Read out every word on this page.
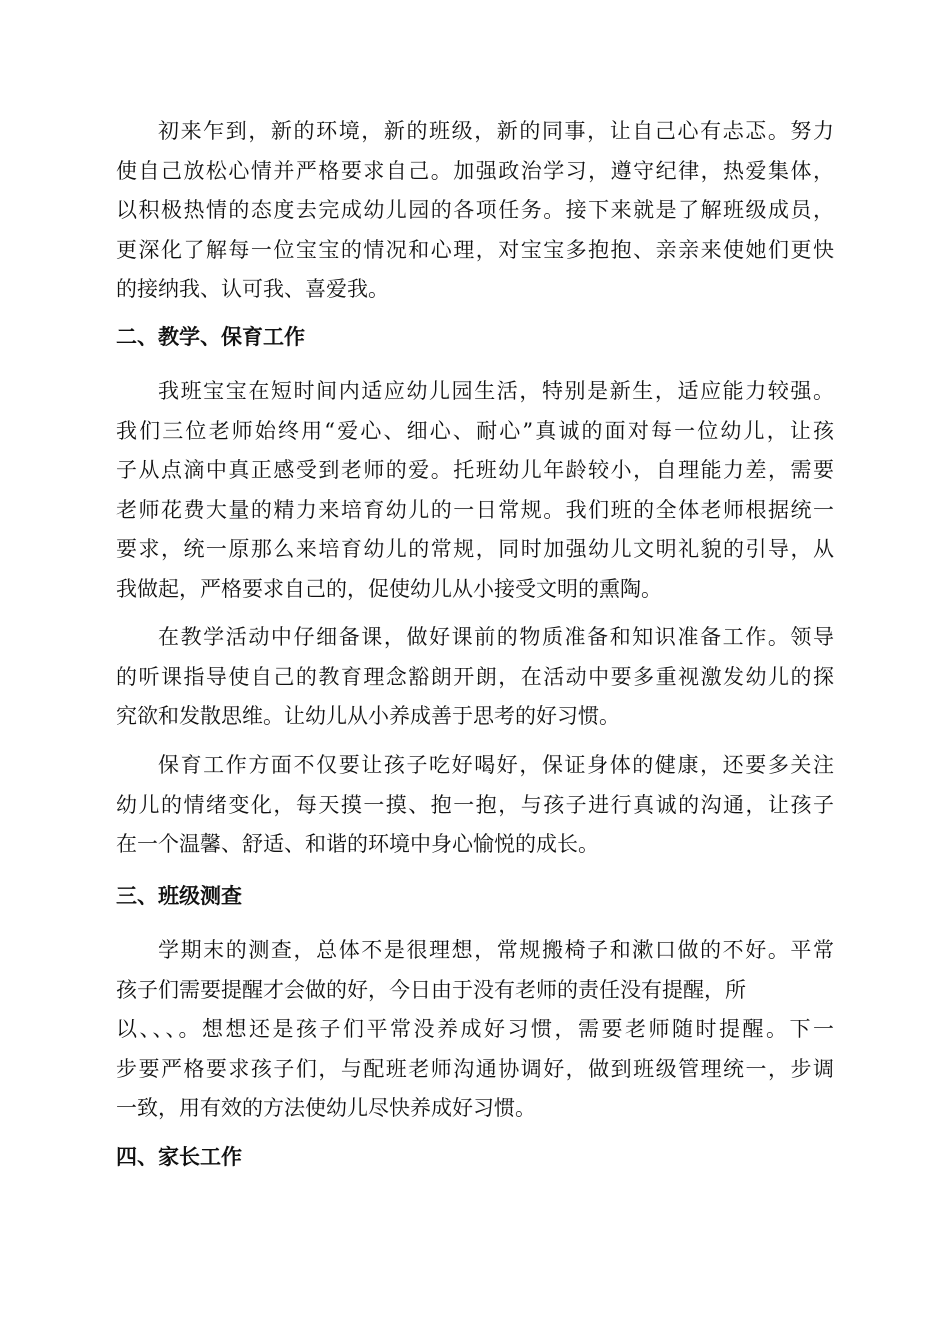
初来乍到，新的环境，新的班级，新的同事，让自己心有忐忑。努力
使自己放松心情并严格要求自己。加强政治学习，遵守纪律，热爱集体，
以积极热情的态度去完成幼儿园的各项任务。接下来就是了解班级成员，
更深化了解每一位宝宝的情况和心理，对宝宝多抱抱、亲亲来使她们更快
的接纳我、认可我、喜爱我。
二、教学、保育工作
我班宝宝在短时间内适应幼儿园生活，特别是新生，适应能力较强。
我们三位老师始终用“爱心、细心、耐心”真诚的面对每一位幼儿，让孩
子从点滴中真正感受到老师的爱。托班幼儿年龄较小，自理能力差，需要
老师花费大量的精力来培育幼儿的一日常规。我们班的全体老师根据统一
要求，统一原那么来培育幼儿的常规，同时加强幼儿文明礼貌的引导，从
我做起，严格要求自己的，促使幼儿从小接受文明的熏陶。
在教学活动中仔细备课，做好课前的物质准备和知识准备工作。领导
的听课指导使自己的教育理念豁朗开朗，在活动中要多重视激发幼儿的探
究欲和发散思维。让幼儿从小养成善于思考的好习惯。
保育工作方面不仅要让孩子吃好喝好，保证身体的健康，还要多关注
幼儿的情绪变化，每天摸一摸、抱一抱，与孩子进行真诚的沟通，让孩子
在一个温馨、舒适、和谐的环境中身心愉悦的成长。
三、班级测查
学期末的测查，总体不是很理想，常规搬椅子和漱口做的不好。平常
孩子们需要提醒才会做的好，今日由于没有老师的责任没有提醒，所
以、、、。想想还是孩子们平常没养成好习惯，需要老师随时提醒。下一
步要严格要求孩子们，与配班老师沟通协调好，做到班级管理统一，步调
一致，用有效的方法使幼儿尽快养成好习惯。
四、家长工作
